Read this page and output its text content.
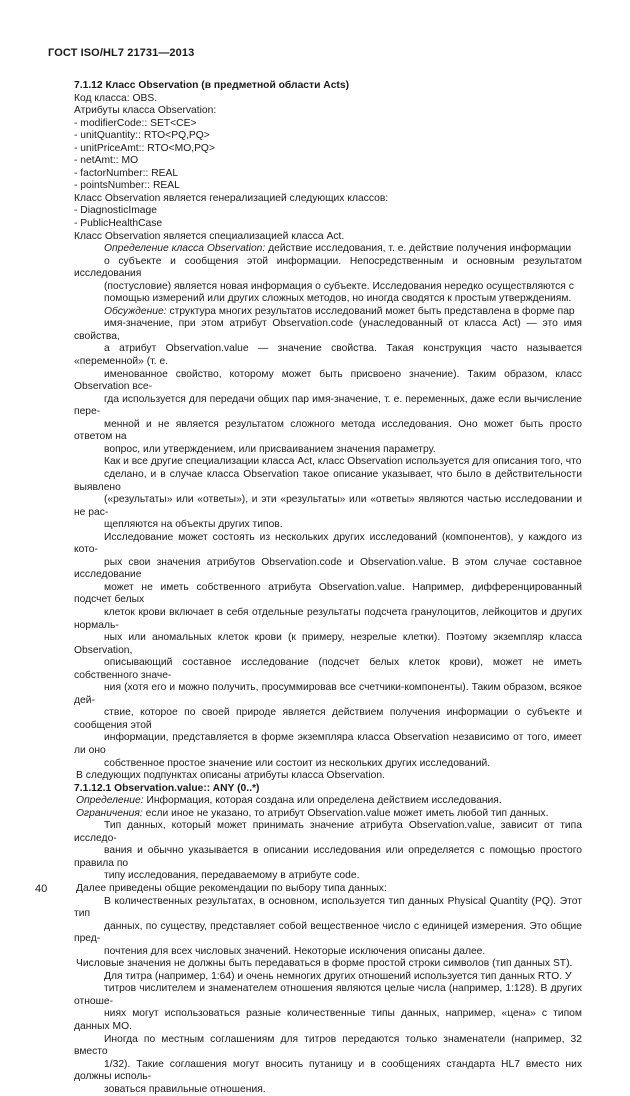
ГОСТ ISO/HL7 21731—2013

7.1.12 Класс Observation (в предметной области Acts)

Код класса: OBS.

Атрибуты класса Observation:

- modifierCode:: SET<CE>

- unitQuantity:: RTO<PQ,PQ>

- unitPriceAmt:: RTO<MO,PQ>

- netAmt:: MO

- factorNumber:: REAL

- pointsNumber:: REAL

Класс Observation является генерализацией следующих классов:

- DiagnosticImage

- PublicHealthCase

Класс Observation является специализацией класса Act.

Определение класса Observation: действие исследования, т. е. действие получения информации
о субъекте и сообщения этой информации. Непосредственным и основным результатом исследования
(постусловие) является новая информация о субъекте. Исследования нередко осуществляются с
помощью измерений или других сложных методов, но иногда сводятся к простым утверждениям.

Обсуждение: структура многих результатов исследований может быть представлена в форме пар
имя-значение, при этом атрибут Observation.code (унаследованный от класса Act) — это имя свойства,
а атрибут Observation.value — значение свойства. Такая конструкция часто называется «переменной» (т. е.
именованное свойство, которому может быть присвоено значение). Таким образом, класс Observation все-
гда используется для передачи общих пар имя-значение, т. е. переменных, даже если вычисление пере-
менной и не является результатом сложного метода исследования. Оно может быть просто ответом на
вопрос, или утверждением, или присваиванием значения параметру.

Как и все другие специализации класса Act, класс Observation используется для описания того, что
сделано, и в случае класса Observation такое описание указывает, что было в действительности выявлено
(«результаты» или «ответы»), и эти «результаты» или «ответы» являются частью исследовании и не рас-
щепляются на объекты других типов.

Исследование может состоять из нескольких других исследований (компонентов), у каждого из кото-
рых свои значения атрибутов Observation.code и Observation.value. В этом случае составное исследование
может не иметь собственного атрибута Observation.value. Например, дифференцированный подсчет белых
клеток крови включает в себя отдельные результаты подсчета гранулоцитов, лейкоцитов и других нормаль-
ных или аномальных клеток крови (к примеру, незрелые клетки). Поэтому экземпляр класса Observation,
описывающий составное исследование (подсчет белых клеток крови), может не иметь собственного значе-
ния (хотя его и можно получить, просуммировав все счетчики-компоненты). Таким образом, всякое дей-
ствие, которое по своей природе является действием получения информации о субъекте и сообщения этой
информации, представляется в форме экземпляра класса Observation независимо от того, имеет ли оно
собственное простое значение или состоит из нескольких других исследований.

В следующих подпунктах описаны атрибуты класса Observation.

7.1.12.1 Observation.value:: ANY (0..*)

Определение: Информация, которая создана или определена действием исследования.

Ограничения: если иное не указано, то атрибут Observation.value может иметь любой тип данных.

Тип данных, который может принимать значение атрибута Observation.value, зависит от типа исследо-
вания и обычно указывается в описании исследования или определяется с помощью простого правила по
типу исследования, передаваемому в атрибуте code.

Далее приведены общие рекомендации по выбору типа данных:

В количественных результатах, в основном, используется тип данных Physical Quantity (PQ). Этот тип
данных, по существу, представляет собой вещественное число с единицей измерения. Это общие пред-
почтения для всех числовых значений. Некоторые исключения описаны далее.

Числовые значения не должны быть передаваться в форме простой строки символов (тип данных ST).

Для титра (например, 1:64) и очень немногих других отношений используется тип данных RTO. У
титров числителем и знаменателем отношения являются целые числа (например, 1:128). В других отноше-
ниях могут использоваться разные количественные типы данных, например, «цена» с типом данных MO.

Иногда по местным соглашениям для титров передаются только знаменатели (например, 32 вместо
1/32). Такие соглашения могут вносить путаницу и в сообщениях стандарта HL7 вместо них должны исполь-
зоваться правильные отношения.

40
